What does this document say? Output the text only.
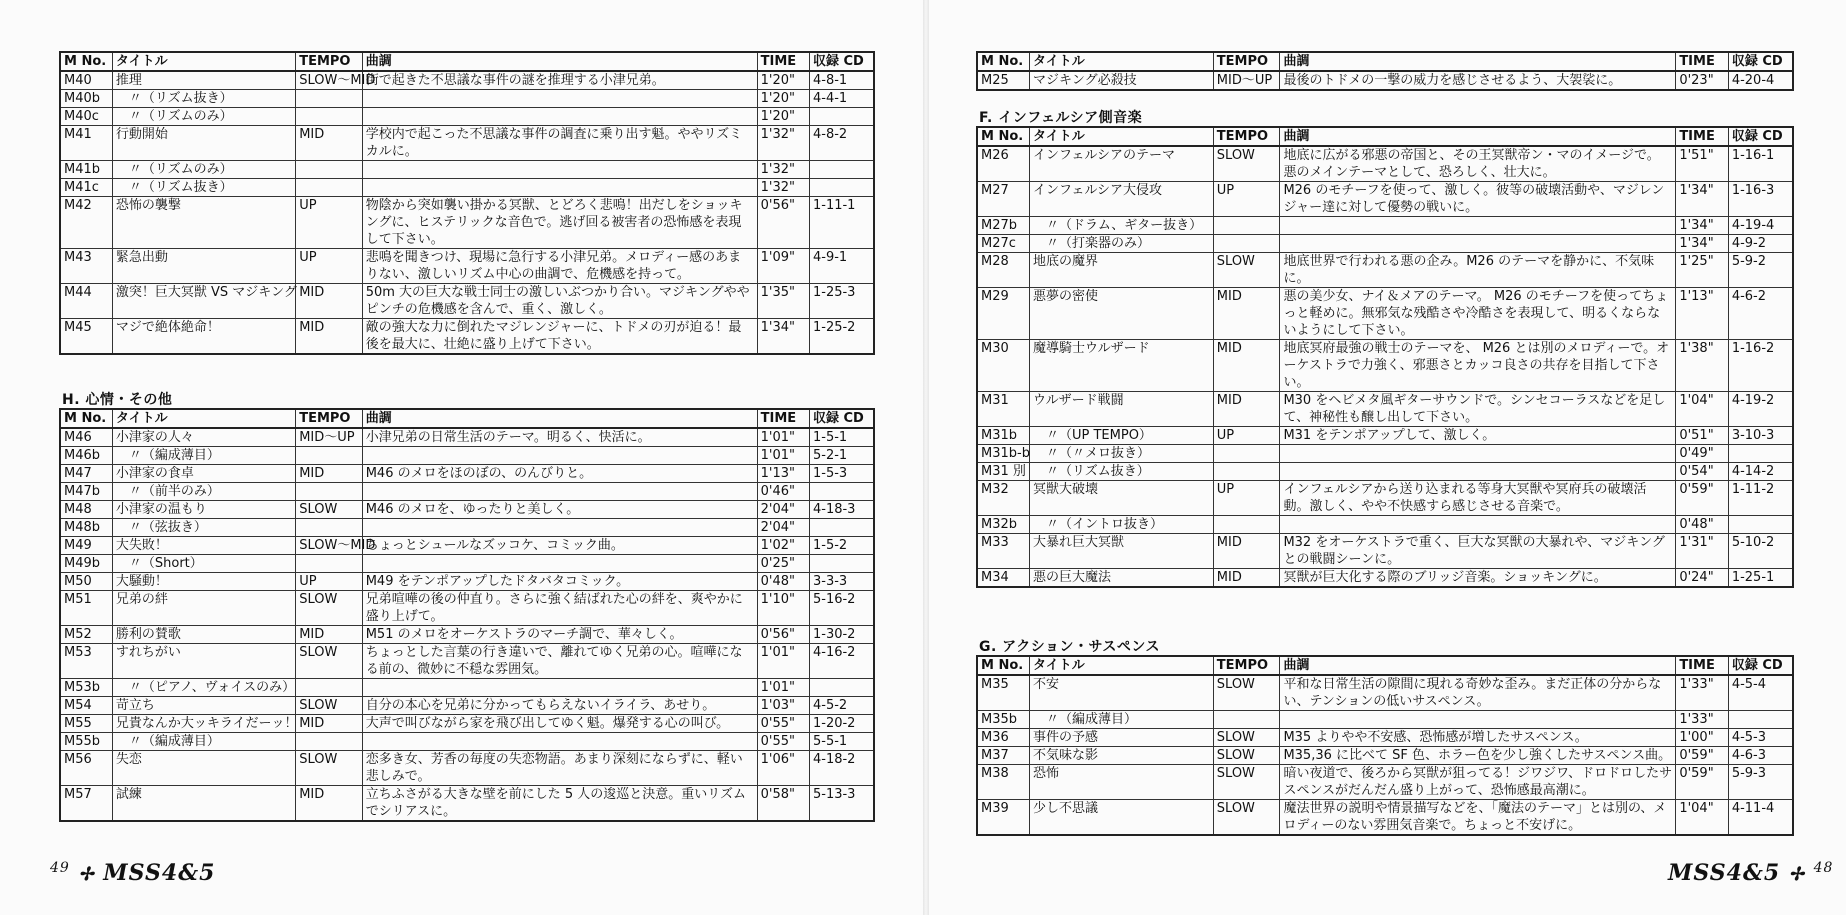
M No.	タイトル	TEMPO	曲調	TIME	収録 CD
M40	推理	SLOW～MID	街で起きた不思議な事件の謎を推理する小津兄弟。	1'20"	4-8-1
M40b	〃（リズム抜き）			1'20"	4-4-1
M40c	〃（リズムのみ）			1'20"	
M41	行動開始	MID	学校内で起こった不思議な事件の調査に乗り出す魁。ややリズミカルに。	1'32"	4-8-2
M41b	〃（リズムのみ）			1'32"	
M41c	〃（リズム抜き）			1'32"	
M42	恐怖の襲撃	UP	物陰から突如襲い掛かる冥獣、とどろく悲鳴！出だしをショッキングに、ヒステリックな音色で。逃げ回る被害者の恐怖感を表現して下さい。	0'56"	1-11-1
M43	緊急出動	UP	悲鳴を聞きつけ、現場に急行する小津兄弟。メロディー感のあまりない、激しいリズム中心の曲調で、危機感を持って。	1'09"	4-9-1
M44	激突！巨大冥獣 VS マジキング	MID	50m 大の巨大な戦士同士の激しいぶつかり合い。マジキングややピンチの危機感を含んで、重く、激しく。	1'35"	1-25-3
M45	マジで絶体絶命！	MID	敵の強大な力に倒れたマジレンジャーに、トドメの刃が迫る！最後を最大に、壮絶に盛り上げて下さい。	1'34"	1-25-2
H. 心情・その他
M No.	タイトル	TEMPO	曲調	TIME	収録 CD
M46	小津家の人々	MID～UP	小津兄弟の日常生活のテーマ。明るく、快活に。	1'01"	1-5-1
M46b	〃（編成薄目）			1'01"	5-2-1
M47	小津家の食卓	MID	M46 のメロをほのぼの、のんびりと。	1'13"	1-5-3
M47b	〃（前半のみ）			0'46"	
M48	小津家の温もり	SLOW	M46 のメロを、ゆったりと美しく。	2'04"	4-18-3
M48b	〃（弦抜き）			2'04"	
M49	大失敗！	SLOW～MID	ちょっとシュールなズッコケ、コミック曲。	1'02"	1-5-2
M49b	〃（Short）			0'25"	
M50	大騒動！	UP	M49 をテンポアップしたドタバタコミック。	0'48"	3-3-3
M51	兄弟の絆	SLOW	兄弟喧嘩の後の仲直り。さらに強く結ばれた心の絆を、爽やかに盛り上げて。	1'10"	5-16-2
M52	勝利の賛歌	MID	M51 のメロをオーケストラのマーチ調で、華々しく。	0'56"	1-30-2
M53	すれちがい	SLOW	ちょっとした言葉の行き違いで、離れてゆく兄弟の心。喧嘩になる前の、微妙に不穏な雰囲気。	1'01"	4-16-2
M53b	〃（ピアノ、ヴォイスのみ）			1'01"	
M54	苛立ち	SLOW	自分の本心を兄弟に分かってもらえないイライラ、あせり。	1'03"	4-5-2
M55	兄貴なんか大ッキライだーッ！	MID	大声で叫びながら家を飛び出してゆく魁。爆発する心の叫び。	0'55"	1-20-2
M55b	〃（編成薄目）			0'55"	5-5-1
M56	失恋	SLOW	恋多き女、芳香の毎度の失恋物語。あまり深刻にならずに、軽い悲しみで。	1'06"	4-18-2
M57	試練	MID	立ちふさがる大きな壁を前にした 5 人の逡巡と決意。重いリズムでシリアスに。	0'58"	5-13-3
M No.	タイトル	TEMPO	曲調	TIME	収録 CD
M25	マジキング必殺技	MID～UP	最後のトドメの一撃の威力を感じさせるよう、大袈裟に。	0'23"	4-20-4
F. インフェルシア側音楽
M No.	タイトル	TEMPO	曲調	TIME	収録 CD
M26	インフェルシアのテーマ	SLOW	地底に広がる邪悪の帝国と、その王冥獣帝ン・マのイメージで。悪のメインテーマとして、恐ろしく、壮大に。	1'51"	1-16-1
M27	インフェルシア大侵攻	UP	M26 のモチーフを使って、激しく。彼等の破壊活動や、マジレンジャー達に対して優勢の戦いに。	1'34"	1-16-3
M27b	〃（ドラム、ギター抜き）			1'34"	4-19-4
M27c	〃（打楽器のみ）			1'34"	4-9-2
M28	地底の魔界	SLOW	地底世界で行われる悪の企み。M26 のテーマを静かに、不気味に。	1'25"	5-9-2
M29	悪夢の密使	MID	悪の美少女、ナイ＆メアのテーマ。 M26 のモチーフを使ってちょっと軽めに。無邪気な残酷さや冷酷さを表現して、明るくならないようにして下さい。	1'13"	4-6-2
M30	魔導騎士ウルザード	MID	地底冥府最強の戦士のテーマを、 M26 とは別のメロディーで。オーケストラで力強く、邪悪さとカッコ良さの共存を目指して下さい。	1'38"	1-16-2
M31	ウルザード戦闘	MID	M30 をヘビメタ風ギターサウンドで。シンセコーラスなどを足して、神秘性も醸し出して下さい。	1'04"	4-19-2
M31b	〃（UP TEMPO）	UP	M31 をテンポアップして、激しく。	0'51"	3-10-3
M31b-b	〃（〃メロ抜き）			0'49"	
M31 別	〃（リズム抜き）			0'54"	4-14-2
M32	冥獣大破壊	UP	インフェルシアから送り込まれる等身大冥獣や冥府兵の破壊活動。激しく、やや不快感すら感じさせる音楽で。	0'59"	1-11-2
M32b	〃（イントロ抜き）			0'48"	
M33	大暴れ巨大冥獣	MID	M32 をオーケストラで重く、巨大な冥獣の大暴れや、マジキングとの戦闘シーンに。	1'31"	5-10-2
M34	悪の巨大魔法	MID	冥獣が巨大化する際のブリッジ音楽。ショッキングに。	0'24"	1-25-1
G. アクション・サスペンス
M No.	タイトル	TEMPO	曲調	TIME	収録 CD
M35	不安	SLOW	平和な日常生活の隙間に現れる奇妙な歪み。まだ正体の分からない、テンションの低いサスペンス。	1'33"	4-5-4
M35b	〃（編成薄目）			1'33"	
M36	事件の予感	SLOW	M35 よりやや不安感、恐怖感が増したサスペンス。	1'00"	4-5-3
M37	不気味な影	SLOW	M35,36 に比べて SF 色、ホラー色を少し強くしたサスペンス曲。	0'59"	4-6-3
M38	恐怖	SLOW	暗い夜道で、後ろから冥獣が狙ってる！ジワジワ、ドロドロしたサスペンスがだんだん盛り上がって、恐怖感最高潮に。	0'59"	5-9-3
M39	少し不思議	SLOW	魔法世界の説明や情景描写などを、「魔法のテーマ」とは別の、メロディーのない雰囲気音楽で。ちょっと不安げに。	1'04"	4-11-4
$^{49}$ ✢ MSS4&5	MSS4&5 ✢ $^{48}$
